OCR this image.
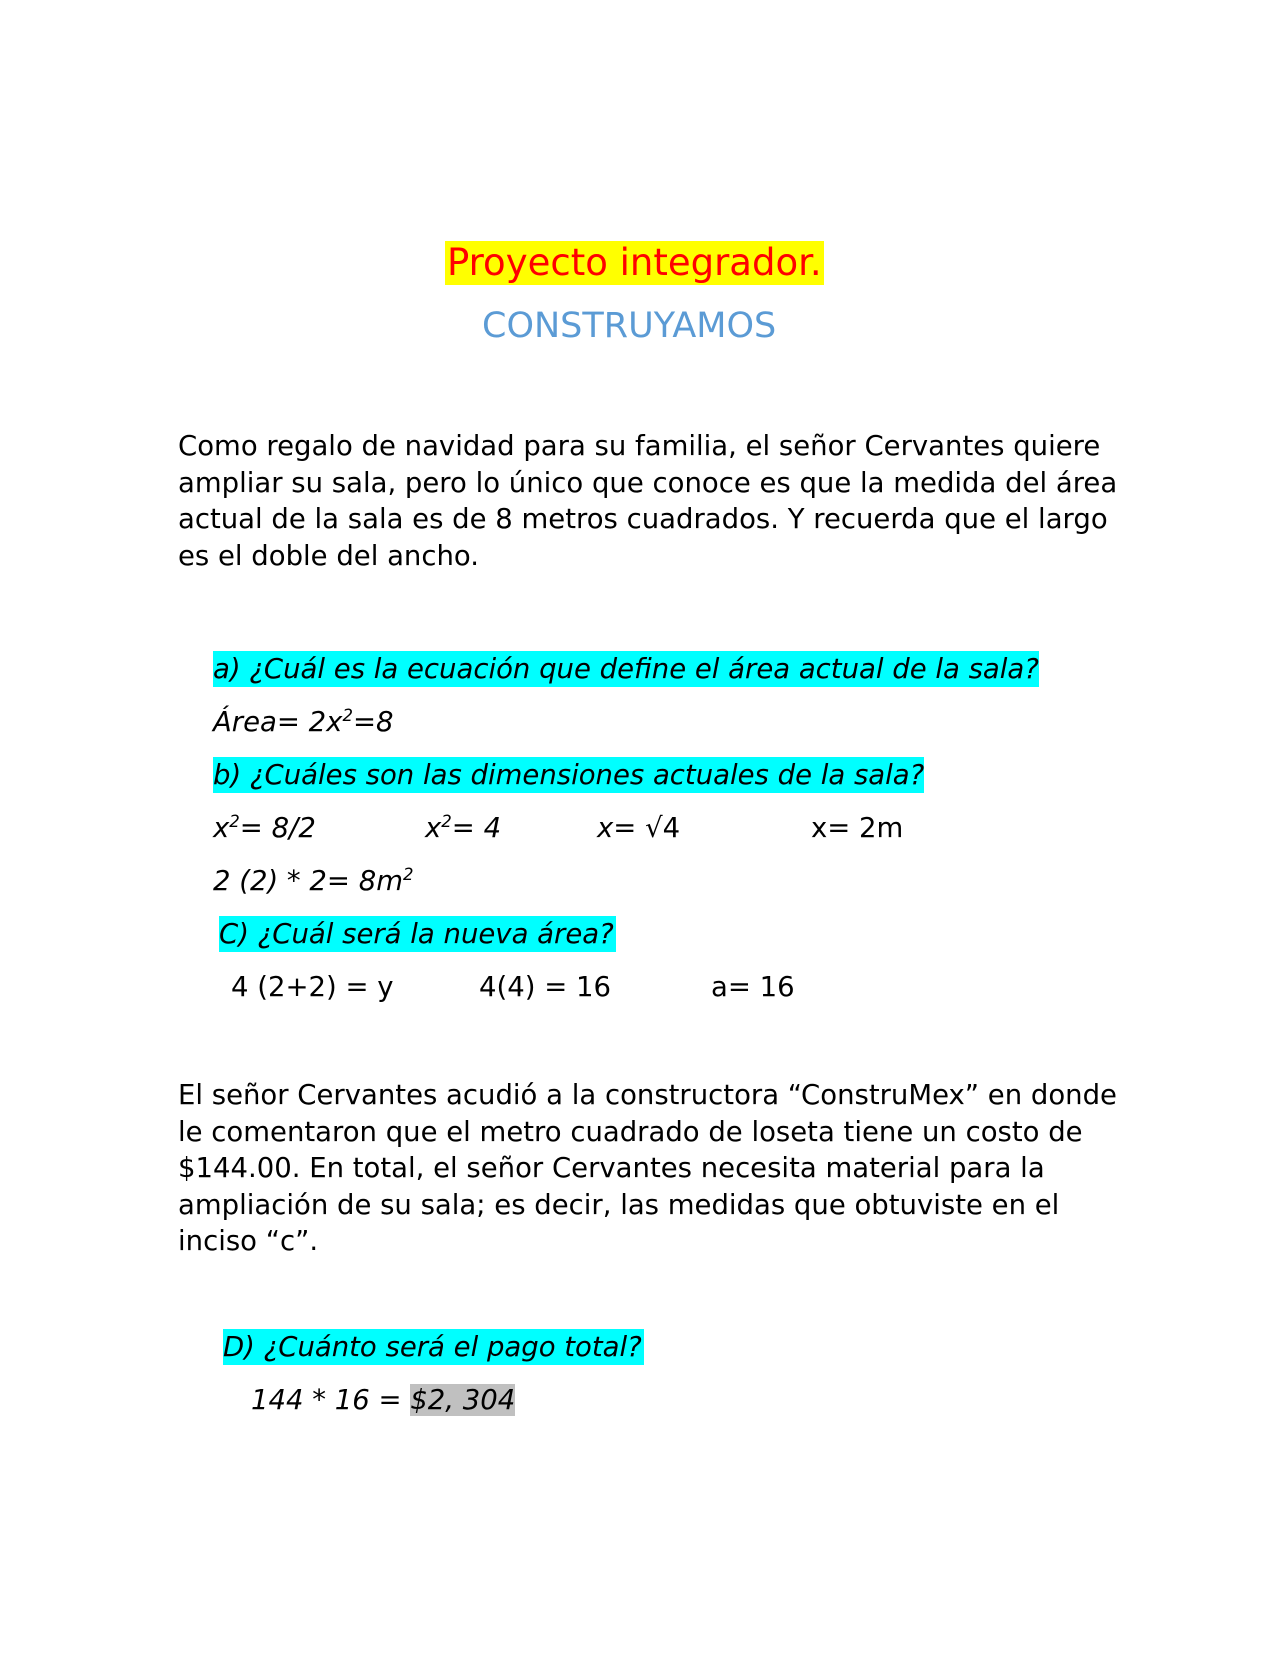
Proyecto integrador.
CONSTRUYAMOS
Como regalo de navidad para su familia, el señor Cervantes quiere ampliar su sala, pero lo único que conoce es que la medida del área actual de la sala es de 8 metros cuadrados. Y recuerda que el largo es el doble del ancho.
a) ¿Cuál es la ecuación que define el área actual de la sala?
Área= $2x^2=8$
b) ¿Cuáles son las dimensiones actuales de la sala?
$x^2= 8/2$	$x^2= 4$	x= √4	x= 2m
2 $(2) * 2= 8m^2$
C) ¿Cuál será la nueva área?
4 (2+2) = y	4(4) = 16	a= 16
El señor Cervantes acudió a la constructora “ConstruMex” en donde le comentaron que el metro cuadrado de loseta tiene un costo de $144.00. En total, el señor Cervantes necesita material para la ampliación de su sala; es decir, las medidas que obtuviste en el inciso “c”.
D) ¿Cuánto será el pago total?
144 * 16 = $2, 304
